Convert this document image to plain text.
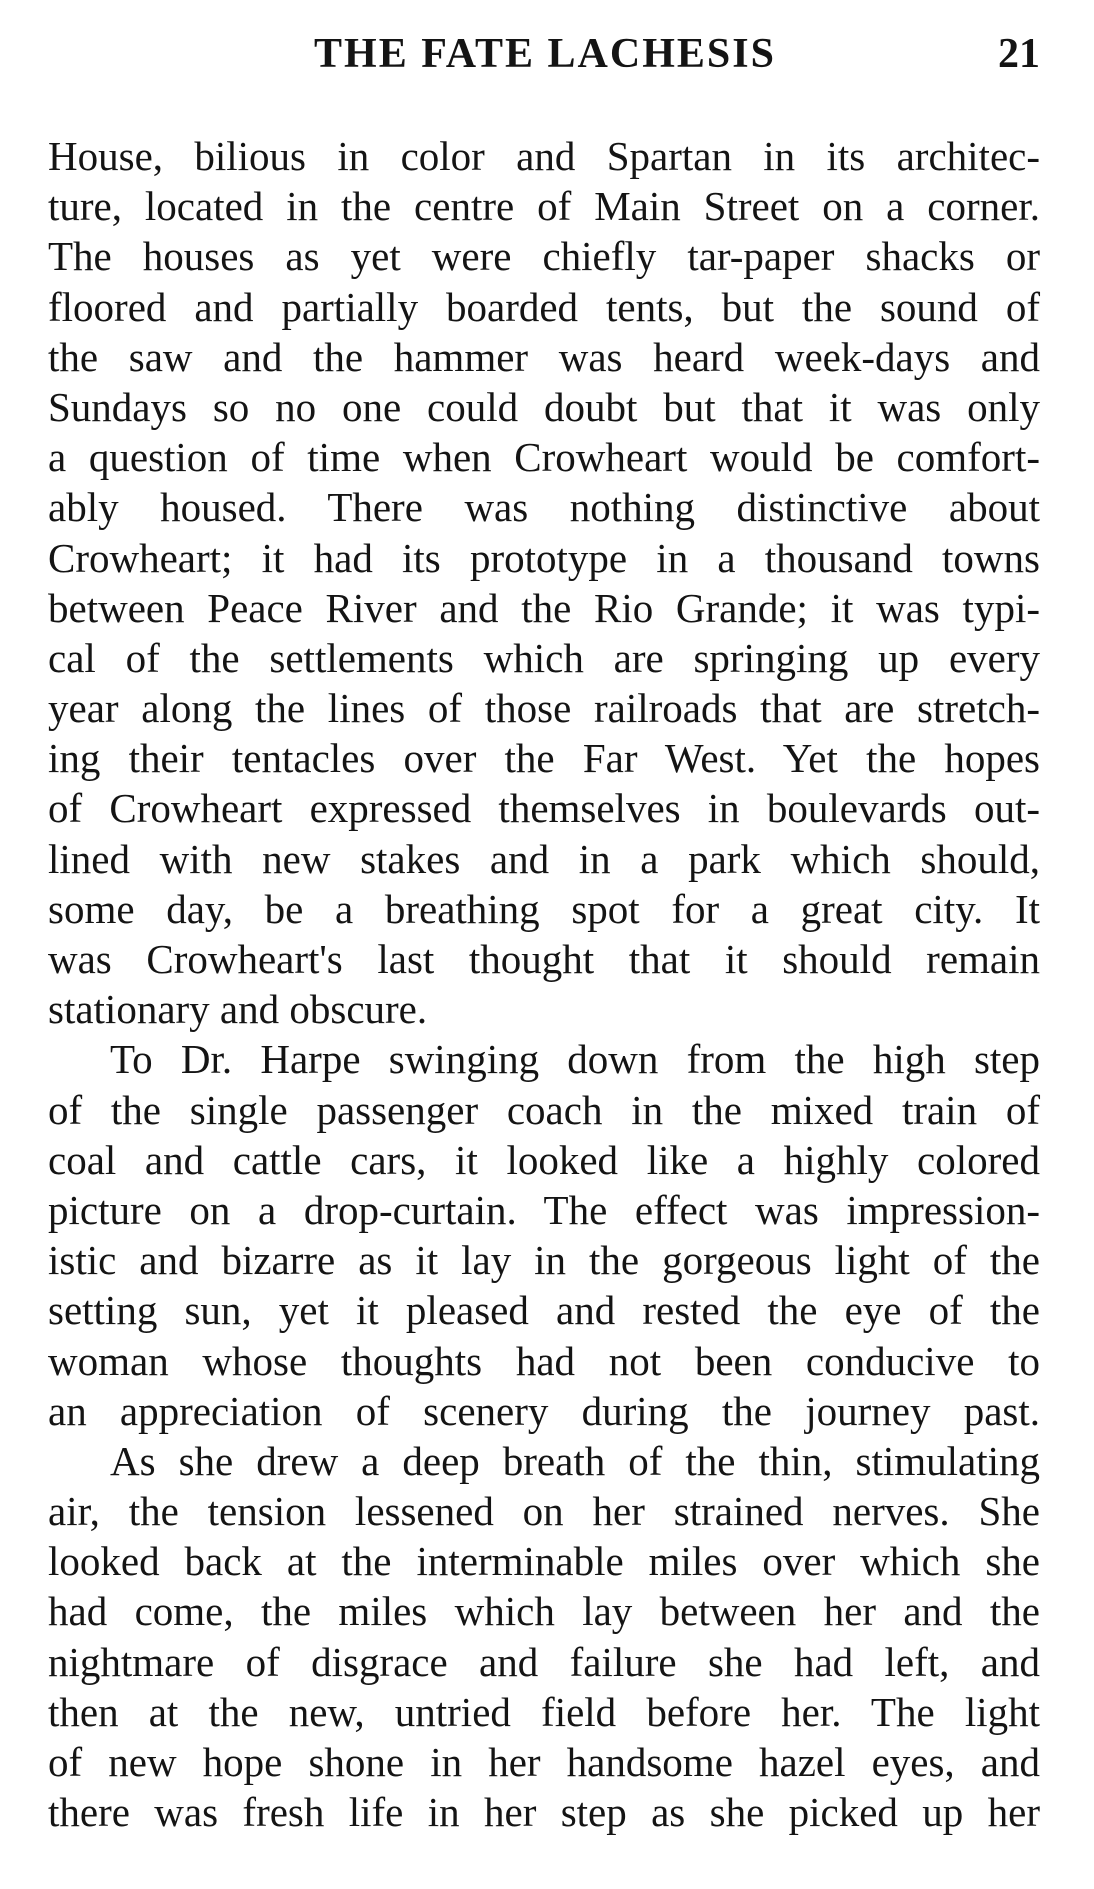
THE FATE LACHESIS	21
House, bilious in color and Spartan in its architec-
ture, located in the centre of Main Street on a corner.
The houses as yet were chiefly tar-paper shacks or
floored and partially boarded tents, but the sound of
the saw and the hammer was heard week-days and
Sundays so no one could doubt but that it was only
a question of time when Crowheart would be comfort-
ably housed. There was nothing distinctive about
Crowheart; it had its prototype in a thousand towns
between Peace River and the Rio Grande; it was typi-
cal of the settlements which are springing up every
year along the lines of those railroads that are stretch-
ing their tentacles over the Far West. Yet the hopes
of Crowheart expressed themselves in boulevards out-
lined with new stakes and in a park which should,
some day, be a breathing spot for a great city. It
was Crowheart's last thought that it should remain
stationary and obscure.
To Dr. Harpe swinging down from the high step
of the single passenger coach in the mixed train of
coal and cattle cars, it looked like a highly colored
picture on a drop-curtain. The effect was impression-
istic and bizarre as it lay in the gorgeous light of the
setting sun, yet it pleased and rested the eye of the
woman whose thoughts had not been conducive to
an appreciation of scenery during the journey past.
As she drew a deep breath of the thin, stimulating
air, the tension lessened on her strained nerves. She
looked back at the interminable miles over which she
had come, the miles which lay between her and the
nightmare of disgrace and failure she had left, and
then at the new, untried field before her. The light
of new hope shone in her handsome hazel eyes, and
there was fresh life in her step as she picked up her
